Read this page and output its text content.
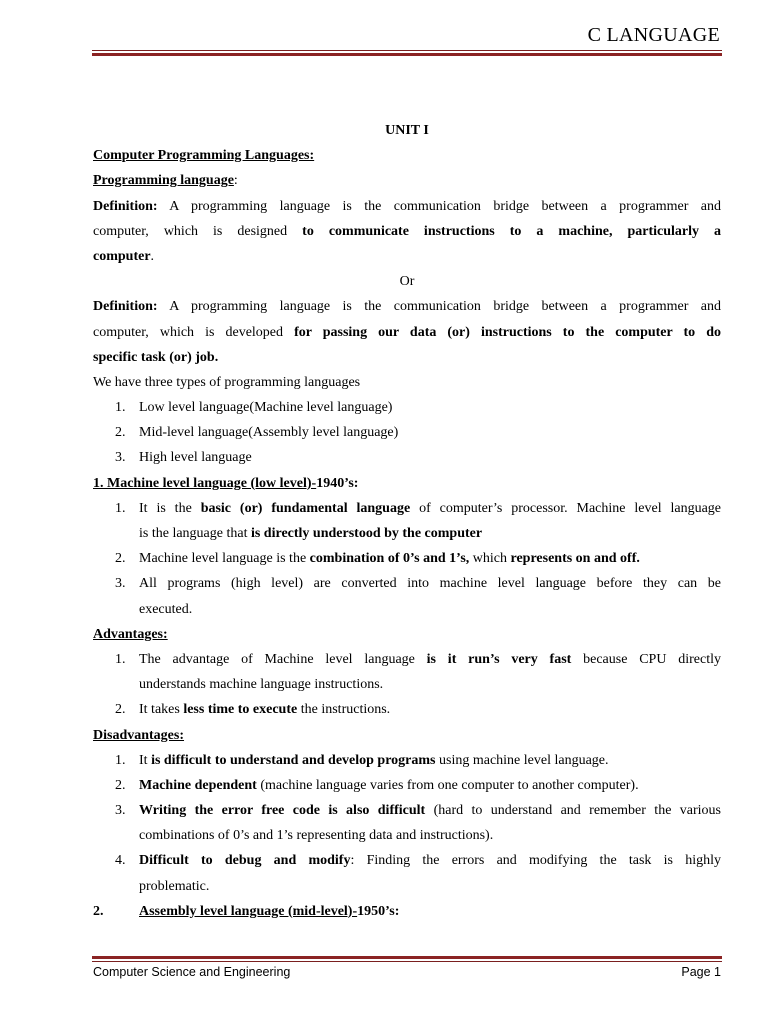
C LANGUAGE
UNIT I
Computer Programming Languages:
Programming language:
Definition: A programming language is the communication bridge between a programmer and
computer, which is designed to communicate instructions to a machine, particularly a
computer.
Or
Definition: A programming language is the communication bridge between a programmer and
computer, which is developed for passing our data (or) instructions to the computer to do
specific task (or) job.
We have three types of programming languages
1. Low level language(Machine level language)
2. Mid-level language(Assembly level language)
3. High level language
1. Machine level language (low level)-1940’s:
1. It is the basic (or) fundamental language of computer’s processor. Machine level language
is the language that is directly understood by the computer
2. Machine level language is the combination of 0’s and 1’s, which represents on and off.
3. All programs (high level) are converted into machine level language before they can be
executed.
Advantages:
1. The advantage of Machine level language is it run’s very fast because CPU directly
understands machine language instructions.
2. It takes less time to execute the instructions.
Disadvantages:
1. It is difficult to understand and develop programs using machine level language.
2. Machine dependent (machine language varies from one computer to another computer).
3. Writing the error free code is also difficult (hard to understand and remember the various
combinations of 0’s and 1’s representing data and instructions).
4. Difficult to debug and modify: Finding the errors and modifying the task is highly
problematic.
2.	Assembly level language (mid-level)-1950’s:
Computer Science and Engineering	Page 1
